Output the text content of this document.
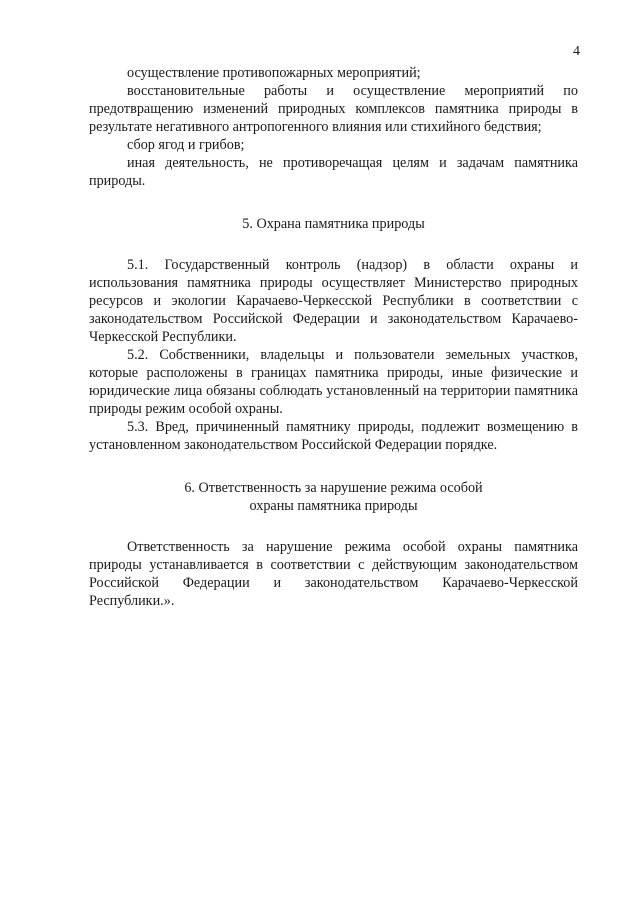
4

осуществление противопожарных мероприятий;

восстановительные работы и осуществление мероприятий по предотвращению изменений природных комплексов памятника природы в результате негативного антропогенного влияния или стихийного бедствия;

сбор ягод и грибов;

иная деятельность, не противоречащая целям и задачам памятника природы.

5. Охрана памятника природы

5.1. Государственный контроль (надзор) в области охраны и использования памятника природы осуществляет Министерство природных ресурсов и экологии Карачаево-Черкесской Республики в соответствии с законодательством Российской Федерации и законодательством Карачаево-Черкесской Республики.

5.2. Собственники, владельцы и пользователи земельных участков, которые расположены в границах памятника природы, иные физические и юридические лица обязаны соблюдать установленный на территории памятника природы режим особой охраны.

5.3. Вред, причиненный памятнику природы, подлежит возмещению в установленном законодательством Российской Федерации порядке.

6. Ответственность за нарушение режима особой
охраны памятника природы

Ответственность за нарушение режима особой охраны памятника природы устанавливается в соответствии с действующим законодательством Российской Федерации и законодательством Карачаево-Черкесской Республики.».
